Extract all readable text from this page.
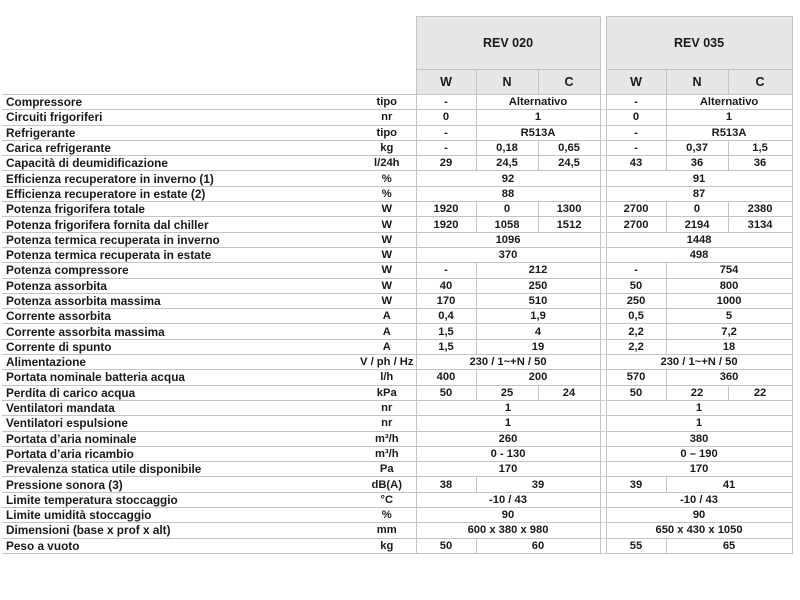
		REV 020				REV 035		
		W	N	C		W	N	C
Compressore	tipo	-	Alternativo			-	Alternativo	
Circuiti frigoriferi	nr	0	1			0	1	
Refrigerante	tipo	-	R513A			-	R513A	
Carica refrigerante	kg	-	0,18	0,65		-	0,37	1,5
Capacità di deumidificazione	l/24h	29	24,5	24,5		43	36	36
Efficienza recuperatore in inverno (1)	%	92				91		
Efficienza recuperatore in estate (2)	%	88				87		
Potenza frigorifera totale	W	1920	0	1300		2700	0	2380
Potenza frigorifera fornita dal chiller	W	1920	1058	1512		2700	2194	3134
Potenza termica recuperata in inverno	W	1096				1448		
Potenza termica recuperata in estate	W	370				498		
Potenza compressore	W	-	212			-	754	
Potenza assorbita	W	40	250			50	800	
Potenza assorbita massima	W	170	510			250	1000	
Corrente assorbita	A	0,4	1,9			0,5	5	
Corrente assorbita massima	A	1,5	4			2,2	7,2	
Corrente di spunto	A	1,5	19			2,2	18	
Alimentazione	V / ph / Hz	230 / 1~+N / 50				230 / 1~+N / 50		
Portata nominale batteria acqua	l/h	400	200			570	360	
Perdita di carico acqua	kPa	50	25	24		50	22	22
Ventilatori mandata	nr	1				1		
Ventilatori espulsione	nr	1				1		
Portata d’aria nominale	m³/h	260				380		
Portata d’aria ricambio	m³/h	0 - 130				0 – 190		
Prevalenza statica utile disponibile	Pa	170				170		
Pressione sonora (3)	dB(A)	38	39			39	41	
Limite temperatura stoccaggio	°C	-10 / 43				-10 / 43		
Limite umidità stoccaggio	%	90				90		
Dimensioni (base x prof x alt)	mm	600 x 380 x 980				650 x 430 x 1050		
Peso a vuoto	kg	50	60			55	65	
